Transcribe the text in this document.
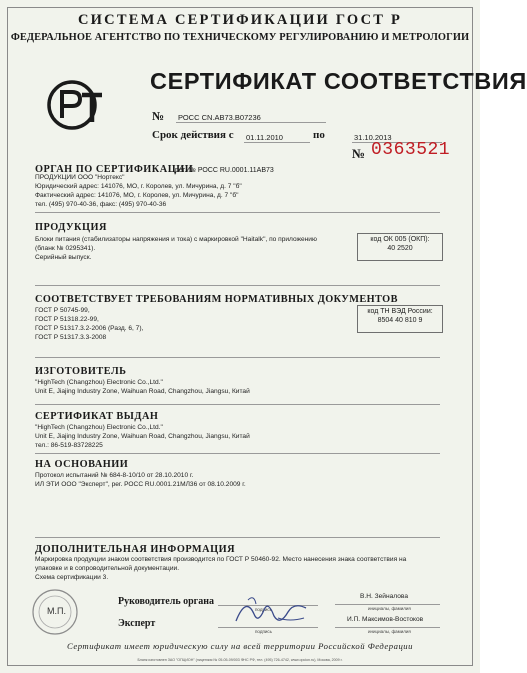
СИСТЕМА СЕРТИФИКАЦИИ ГОСТ Р
ФЕДЕРАЛЬНОЕ АГЕНТСТВО ПО ТЕХНИЧЕСКОМУ РЕГУЛИРОВАНИЮ И МЕТРОЛОГИИ
СЕРТИФИКАТ СООТВЕТСТВИЯ
№ РОСС CN.АВ73.В07236
Срок действия с 01.11.2010	по	31.10.2013
№ 0363521
ОРГАН ПО СЕРТИФИКАЦИИ
рег. № РОСС RU.0001.11АВ73
ПРОДУКЦИИ ООО "Нортекс"
Юридический адрес: 141076, МО, г. Королев, ул. Мичурина, д. 7 "б"
Фактический адрес: 141076, МО, г. Королев, ул. Мичурина, д. 7 "б"
тел. (495) 970-40-36, факс: (495) 970-40-36
ПРОДУКЦИЯ
Блоки питания (стабилизаторы напряжения и тока) с маркировкой "Haitalk", по приложению
(бланк № 0295341).
Серийный выпуск.
код ОК 005 (ОКП):
40 2520
СООТВЕТСТВУЕТ ТРЕБОВАНИЯМ НОРМАТИВНЫХ ДОКУМЕНТОВ
ГОСТ Р 50745-99,
ГОСТ Р 51318.22-99,
ГОСТ Р 51317.3.2-2006 (Разд. 6, 7),
ГОСТ Р 51317.3.3-2008
код ТН ВЭД России:
8504 40 810 9
ИЗГОТОВИТЕЛЬ
"HighTech (Changzhou) Electronic Co.,Ltd."
Unit E, Jiajing Industry Zone, Waihuan Road, Changzhou, Jiangsu, Китай
СЕРТИФИКАТ ВЫДАН
"HighTech (Changzhou) Electronic Co.,Ltd."
Unit E, Jiajing Industry Zone, Waihuan Road, Changzhou, Jiangsu, Китай
тел.: 86-519-83728225
НА ОСНОВАНИИ
Протокол испытаний № 684-8-10/10 от 28.10.2010 г.
ИЛ ЭТИ ООО "Эксперт", рег. РОСС RU.0001.21МЛ36 от 08.10.2009 г.
ДОПОЛНИТЕЛЬНАЯ ИНФОРМАЦИЯ
Маркировка продукции знаком соответствия производится по ГОСТ Р 50460-92. Место нанесения знака соответствия на
упаковке и в сопроводительной документации.
Схема сертификации 3.
М.П.
Руководитель органа
подпись
В.Н. Зейналова
инициалы, фамилия
Эксперт
подпись
И.П. Максимов-Востоков
инициалы, фамилия
Сертификат имеет юридическую силу на всей территории Российской Федерации
Бланк изготовлен ЗАО "ОПЦИОН" (лицензия № 05-05-09/003 ФНС РФ, тел. (495) 726-4742, www.opcion.ru), Москва, 2009 г.
